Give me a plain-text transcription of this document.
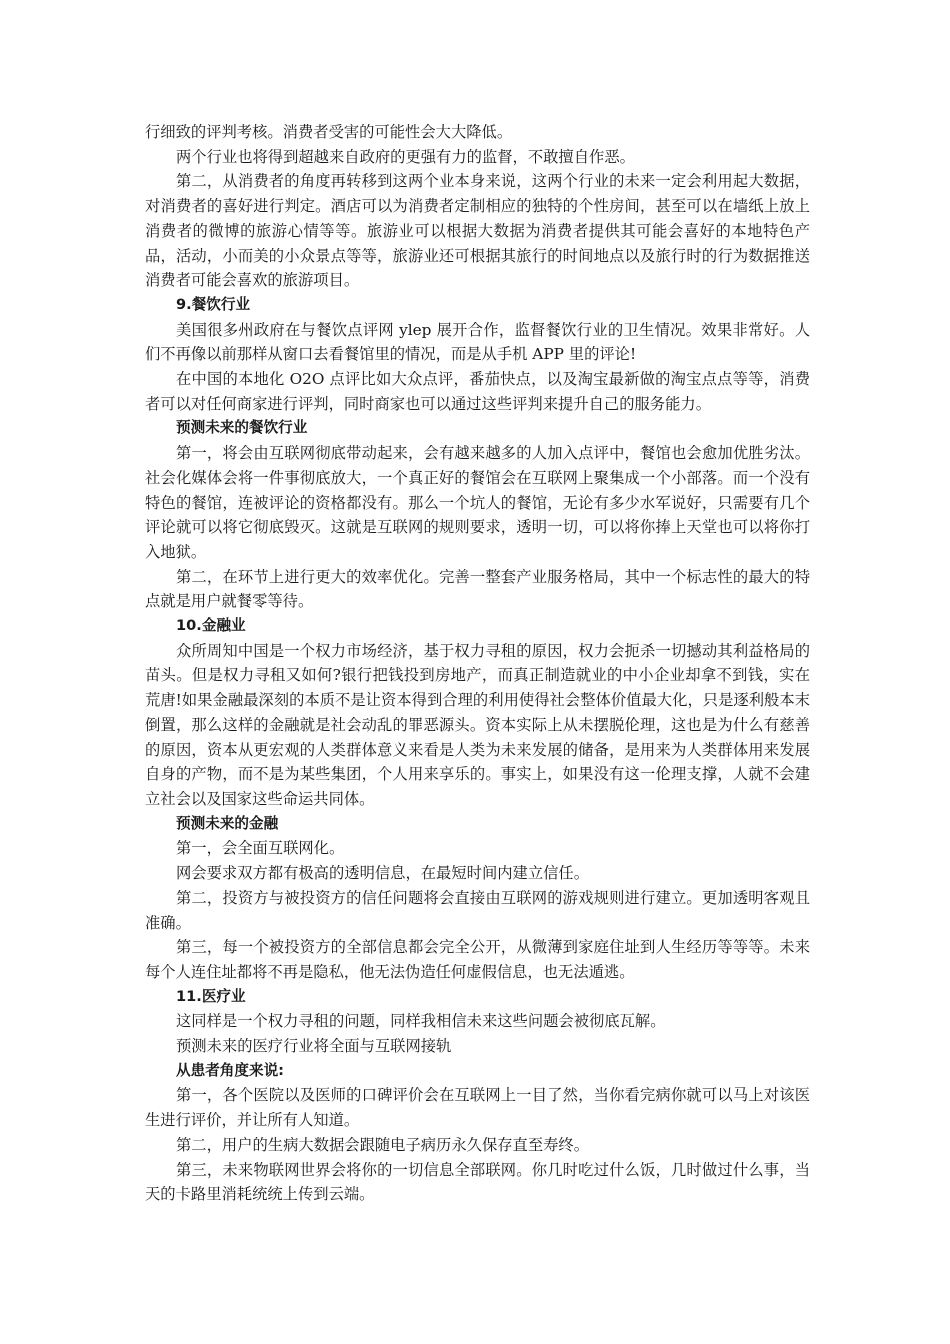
行细致的评判考核。消费者受害的可能性会大大降低。

两个行业也将得到超越来自政府的更强有力的监督，不敢擅自作恶。

第二，从消费者的角度再转移到这两个业本身来说，这两个行业的未来一定会利用起大数据，对消费者的喜好进行判定。酒店可以为消费者定制相应的独特的个性房间，甚至可以在墙纸上放上消费者的微博的旅游心情等等。旅游业可以根据大数据为消费者提供其可能会喜好的本地特色产品，活动，小而美的小众景点等等，旅游业还可根据其旅行的时间地点以及旅行时的行为数据推送消费者可能会喜欢的旅游项目。

9.餐饮行业

美国很多州政府在与餐饮点评网 ylep 展开合作，监督餐饮行业的卫生情况。效果非常好。人们不再像以前那样从窗口去看餐馆里的情况，而是从手机 APP 里的评论!

在中国的本地化 O2O 点评比如大众点评，番茄快点，以及淘宝最新做的淘宝点点等等，消费者可以对任何商家进行评判，同时商家也可以通过这些评判来提升自己的服务能力。

预测未来的餐饮行业

第一，将会由互联网彻底带动起来，会有越来越多的人加入点评中，餐馆也会愈加优胜劣汰。社会化媒体会将一件事彻底放大，一个真正好的餐馆会在互联网上聚集成一个小部落。而一个没有特色的餐馆，连被评论的资格都没有。那么一个坑人的餐馆，无论有多少水军说好，只需要有几个评论就可以将它彻底毁灭。这就是互联网的规则要求，透明一切，可以将你捧上天堂也可以将你打入地狱。

第二，在环节上进行更大的效率优化。完善一整套产业服务格局，其中一个标志性的最大的特点就是用户就餐零等待。

10.金融业

众所周知中国是一个权力市场经济，基于权力寻租的原因，权力会扼杀一切撼动其利益格局的苗头。但是权力寻租又如何?银行把钱投到房地产，而真正制造就业的中小企业却拿不到钱，实在荒唐!如果金融最深刻的本质不是让资本得到合理的利用使得社会整体价值最大化，只是逐利般本末倒置，那么这样的金融就是社会动乱的罪恶源头。资本实际上从未摆脱伦理，这也是为什么有慈善的原因，资本从更宏观的人类群体意义来看是人类为未来发展的储备，是用来为人类群体用来发展自身的产物，而不是为某些集团，个人用来享乐的。事实上，如果没有这一伦理支撑，人就不会建立社会以及国家这些命运共同体。

预测未来的金融

第一，会全面互联网化。

网会要求双方都有极高的透明信息，在最短时间内建立信任。

第二，投资方与被投资方的信任问题将会直接由互联网的游戏规则进行建立。更加透明客观且准确。

第三，每一个被投资方的全部信息都会完全公开，从微薄到家庭住址到人生经历等等等。未来每个人连住址都将不再是隐私，他无法伪造任何虚假信息，也无法遁逃。

11.医疗业

这同样是一个权力寻租的问题，同样我相信未来这些问题会被彻底瓦解。

预测未来的医疗行业将全面与互联网接轨

从患者角度来说:

第一，各个医院以及医师的口碑评价会在互联网上一目了然，当你看完病你就可以马上对该医生进行评价，并让所有人知道。

第二，用户的生病大数据会跟随电子病历永久保存直至寿终。

第三，未来物联网世界会将你的一切信息全部联网。你几时吃过什么饭，几时做过什么事，当天的卡路里消耗统统上传到云端。
